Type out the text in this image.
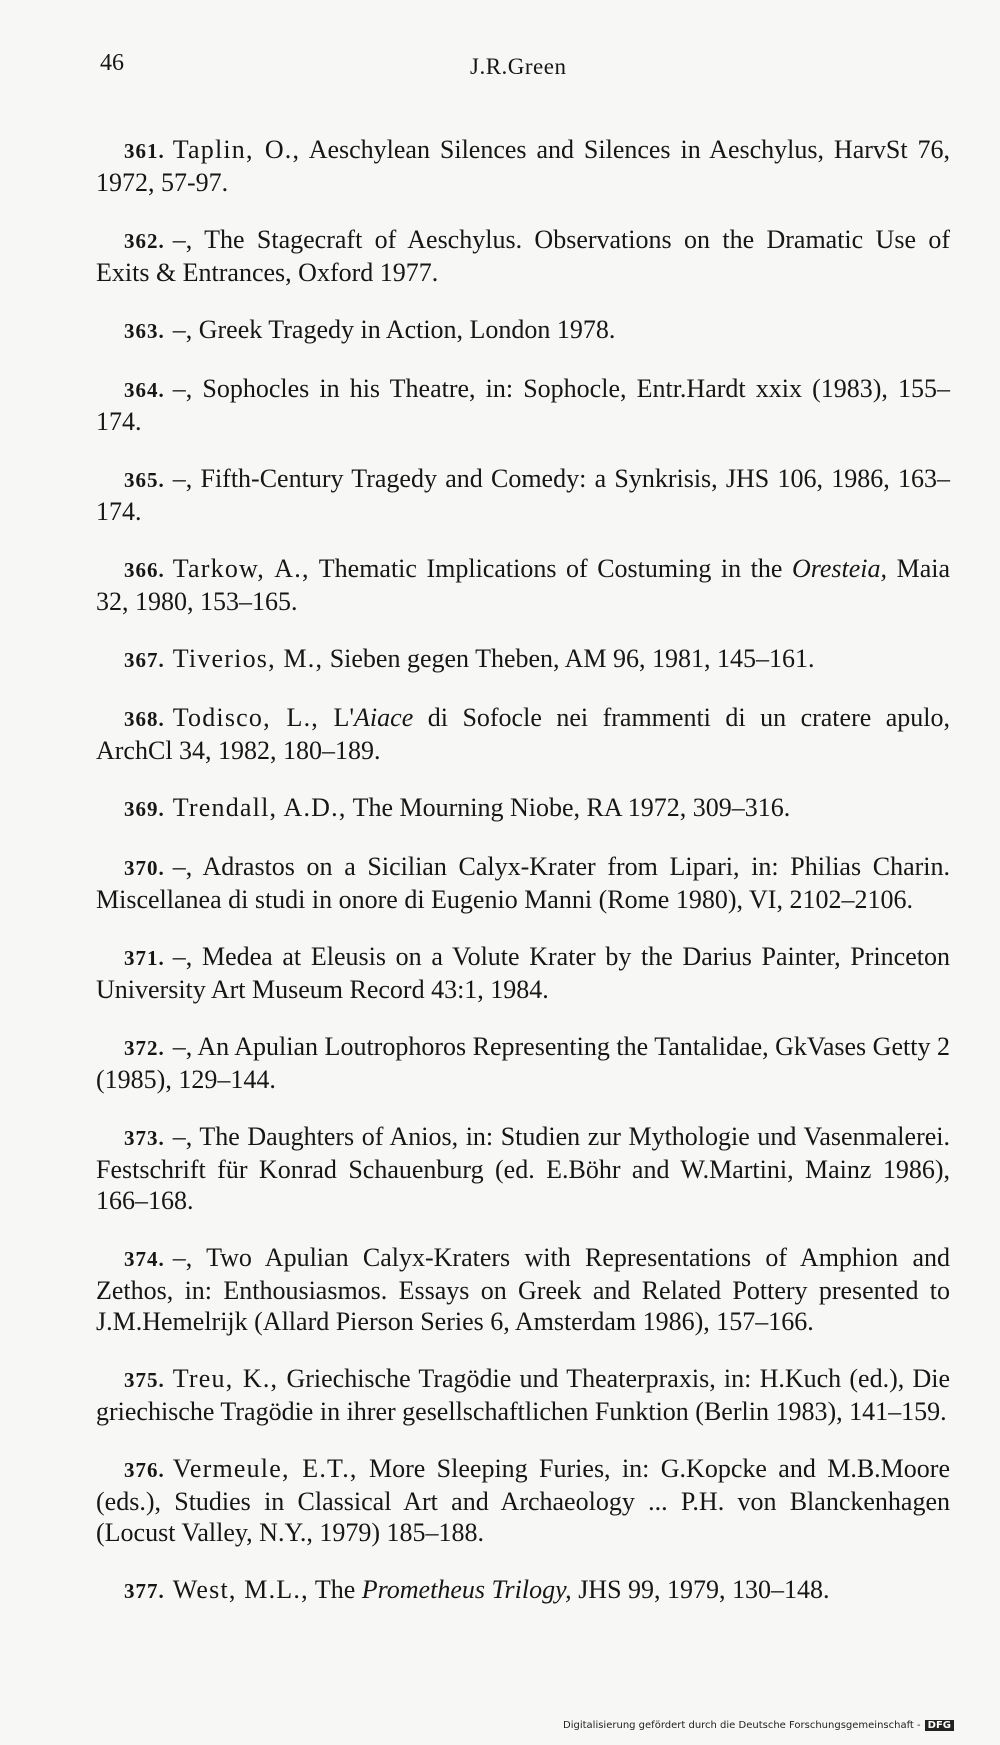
46	J.R.Green

361. Taplin, O., Aeschylean Silences and Silences in Aeschylus, HarvSt 76, 1972, 57-97.

362. –, The Stagecraft of Aeschylus. Observations on the Dramatic Use of Exits & Entrances, Oxford 1977.

363. –, Greek Tragedy in Action, London 1978.

364. –, Sophocles in his Theatre, in: Sophocle, Entr.Hardt xxix (1983), 155–174.

365. –, Fifth-Century Tragedy and Comedy: a Synkrisis, JHS 106, 1986, 163–174.

366. Tarkow, A., Thematic Implications of Costuming in the Oresteia, Maia 32, 1980, 153–165.

367. Tiverios, M., Sieben gegen Theben, AM 96, 1981, 145–161.

368. Todisco, L., L'Aiace di Sofocle nei frammenti di un cratere apulo, ArchCl 34, 1982, 180–189.

369. Trendall, A.D., The Mourning Niobe, RA 1972, 309–316.

370. –, Adrastos on a Sicilian Calyx-Krater from Lipari, in: Philias Charin. Miscellanea di studi in onore di Eugenio Manni (Rome 1980), VI, 2102–2106.

371. –, Medea at Eleusis on a Volute Krater by the Darius Painter, Princeton University Art Museum Record 43:1, 1984.

372. –, An Apulian Loutrophoros Representing the Tantalidae, GkVases Getty 2 (1985), 129–144.

373. –, The Daughters of Anios, in: Studien zur Mythologie und Vasenmalerei. Festschrift für Konrad Schauenburg (ed. E.Böhr and W.Martini, Mainz 1986), 166–168.

374. –, Two Apulian Calyx-Kraters with Representations of Amphion and Zethos, in: Enthousiasmos. Essays on Greek and Related Pottery presented to J.M.Hemelrijk (Allard Pierson Series 6, Amsterdam 1986), 157–166.

375. Treu, K., Griechische Tragödie und Theaterpraxis, in: H.Kuch (ed.), Die griechische Tragödie in ihrer gesellschaftlichen Funktion (Berlin 1983), 141–159.

376. Vermeule, E.T., More Sleeping Furies, in: G.Kopcke and M.B.Moore (eds.), Studies in Classical Art and Archaeology ... P.H. von Blanckenhagen (Locust Valley, N.Y., 1979) 185–188.

377. West, M.L., The Prometheus Trilogy, JHS 99, 1979, 130–148.

Digitalisierung gefördert durch die Deutsche Forschungsgemeinschaft - DFG
